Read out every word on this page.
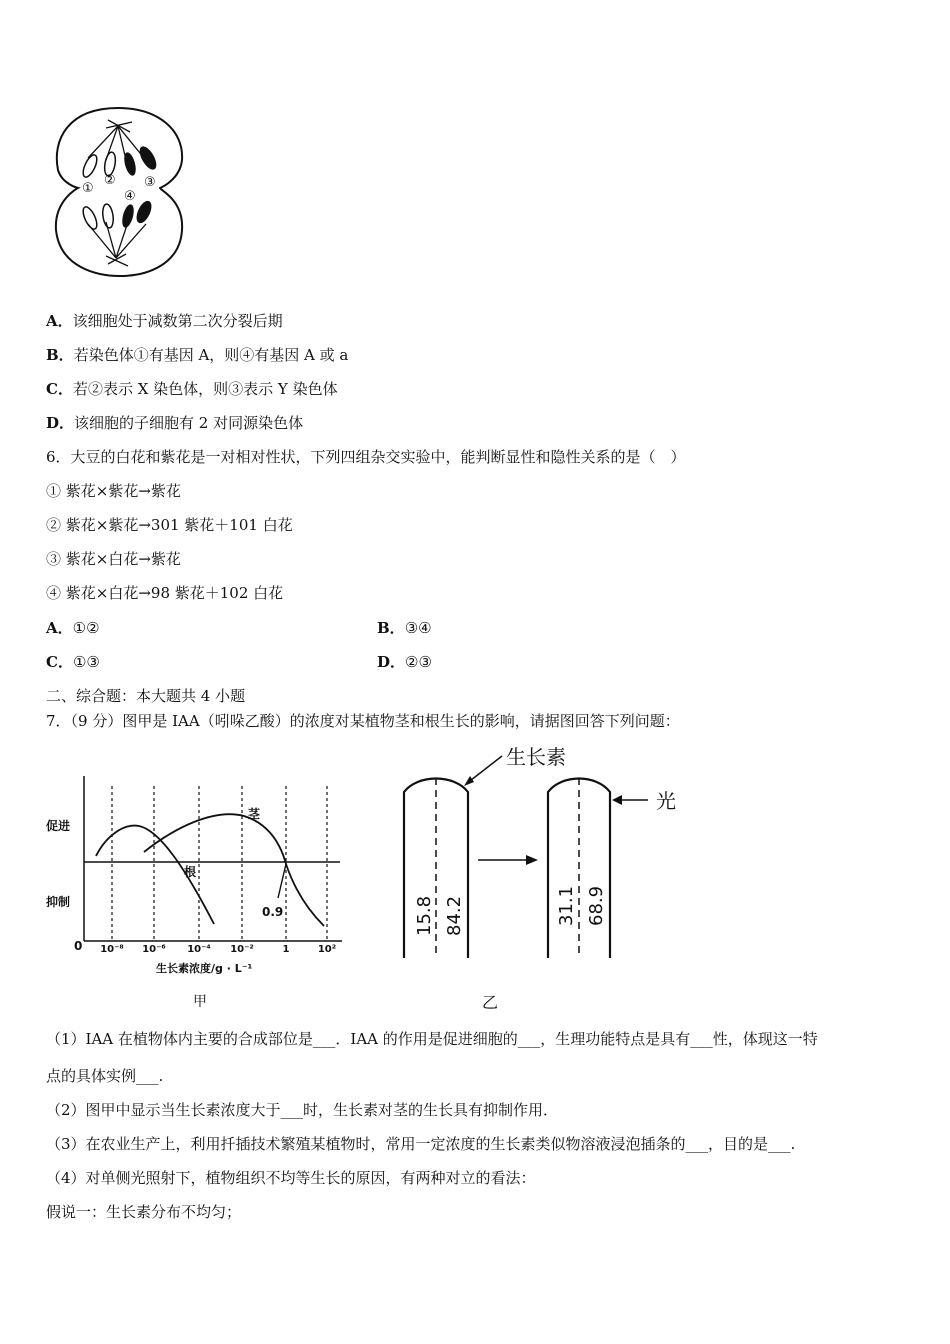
①
②
④
③
A．该细胞处于减数第二次分裂后期
B．若染色体①有基因 A，则④有基因 A 或 a
C．若②表示 X 染色体，则③表示 Y 染色体
D．该细胞的子细胞有 2 对同源染色体
6．大豆的白花和紫花是一对相对性状，下列四组杂交实验中，能判断显性和隐性关系的是（　）
① 紫花×紫花→紫花
② 紫花×紫花→301 紫花＋101 白花
③ 紫花×白花→紫花
④ 紫花×白花→98 紫花＋102 白花
A．①②	B．③④
C．①③	D．②③
二、综合题：本大题共 4 小题
7．（9 分）图甲是 IAA（吲哚乙酸）的浓度对某植物茎和根生长的影响，请据图回答下列问题：
促进
抑制
茎
根
0.9
0 10⁻⁸ 10⁻⁶ 10⁻⁴ 10⁻²	1	10²
生长素浓度/g · L⁻¹
甲
生长素
光
15.8 84.2	31.1 68.9
乙
（1）IAA 在植物体内主要的合成部位是___．IAA 的作用是促进细胞的___，生理功能特点是具有___性，体现这一特
点的具体实例___.
（2）图甲中显示当生长素浓度大于___时，生长素对茎的生长具有抑制作用．
（3）在农业生产上，利用扦插技术繁殖某植物时，常用一定浓度的生长素类似物溶液浸泡插条的___，目的是___.
（4）对单侧光照射下，植物组织不均等生长的原因，有两种对立的看法：
假说一：生长素分布不均匀；
